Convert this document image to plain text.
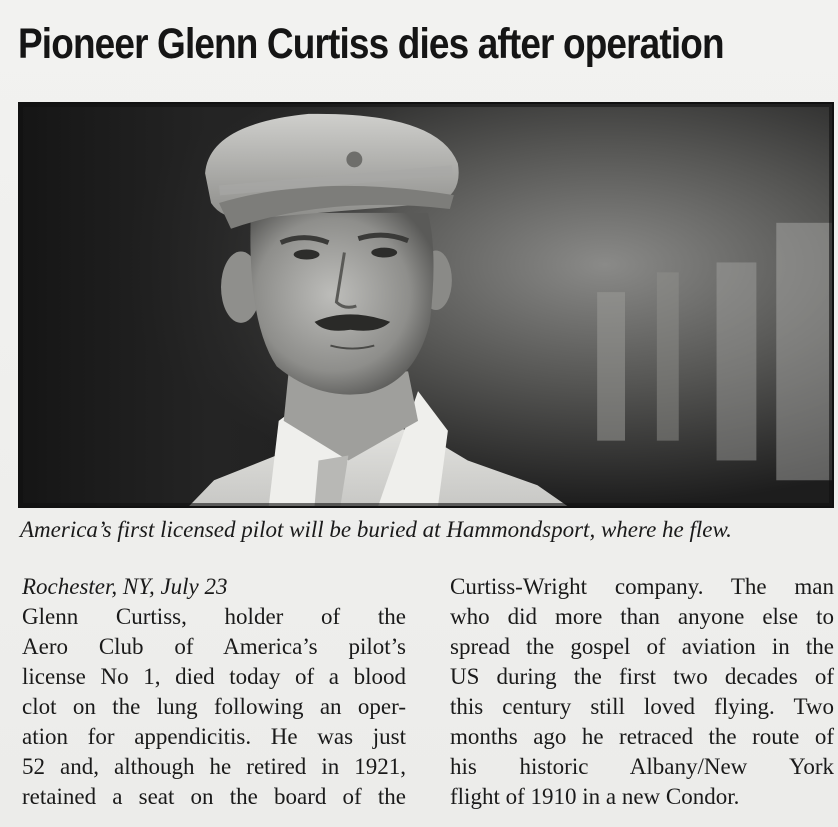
Pioneer Glenn Curtiss dies after operation

America’s first licensed pilot will be buried at Hammondsport, where he flew.

Rochester, NY, July 23
Glenn Curtiss, holder of the
Aero Club of America’s pilot’s
license No 1, died today of a blood
clot on the lung following an oper-
ation for appendicitis. He was just
52 and, although he retired in 1921,
retained a seat on the board of the
Curtiss-Wright company. The man
who did more than anyone else to
spread the gospel of aviation in the
US during the first two decades of
this century still loved flying. Two
months ago he retraced the route of
his historic Albany/New York
flight of 1910 in a new Condor.
